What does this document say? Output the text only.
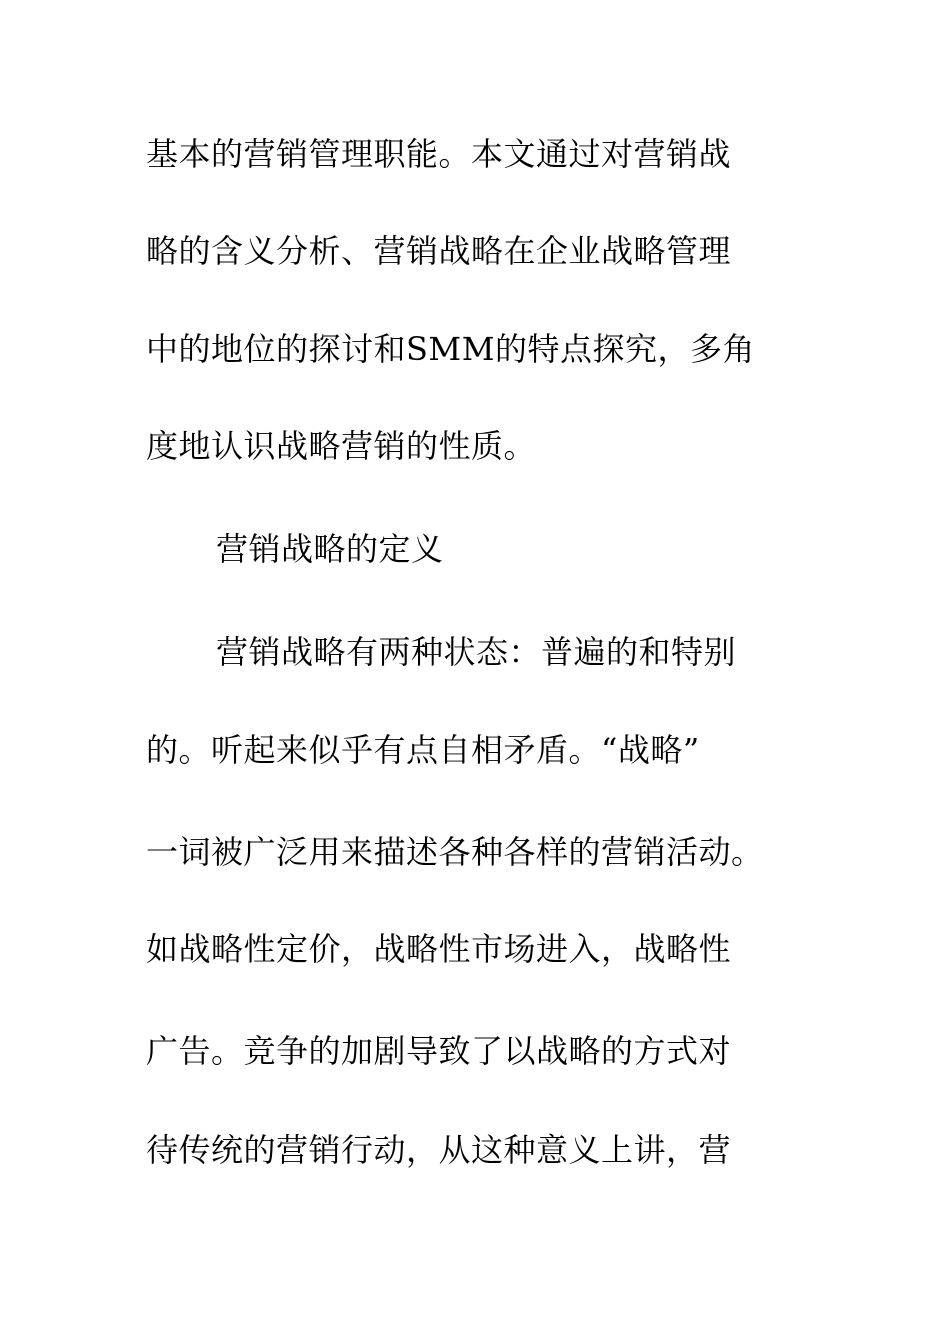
基本的营销管理职能。本文通过对营销战
略的含义分析、营销战略在企业战略管理
中的地位的探讨和SMM的特点探究，多角
度地认识战略营销的性质。
营销战略的定义
营销战略有两种状态：普遍的和特别
的。听起来似乎有点自相矛盾。“战略”
一词被广泛用来描述各种各样的营销活动。
如战略性定价，战略性市场进入，战略性
广告。竞争的加剧导致了以战略的方式对
待传统的营销行动，从这种意义上讲，营
